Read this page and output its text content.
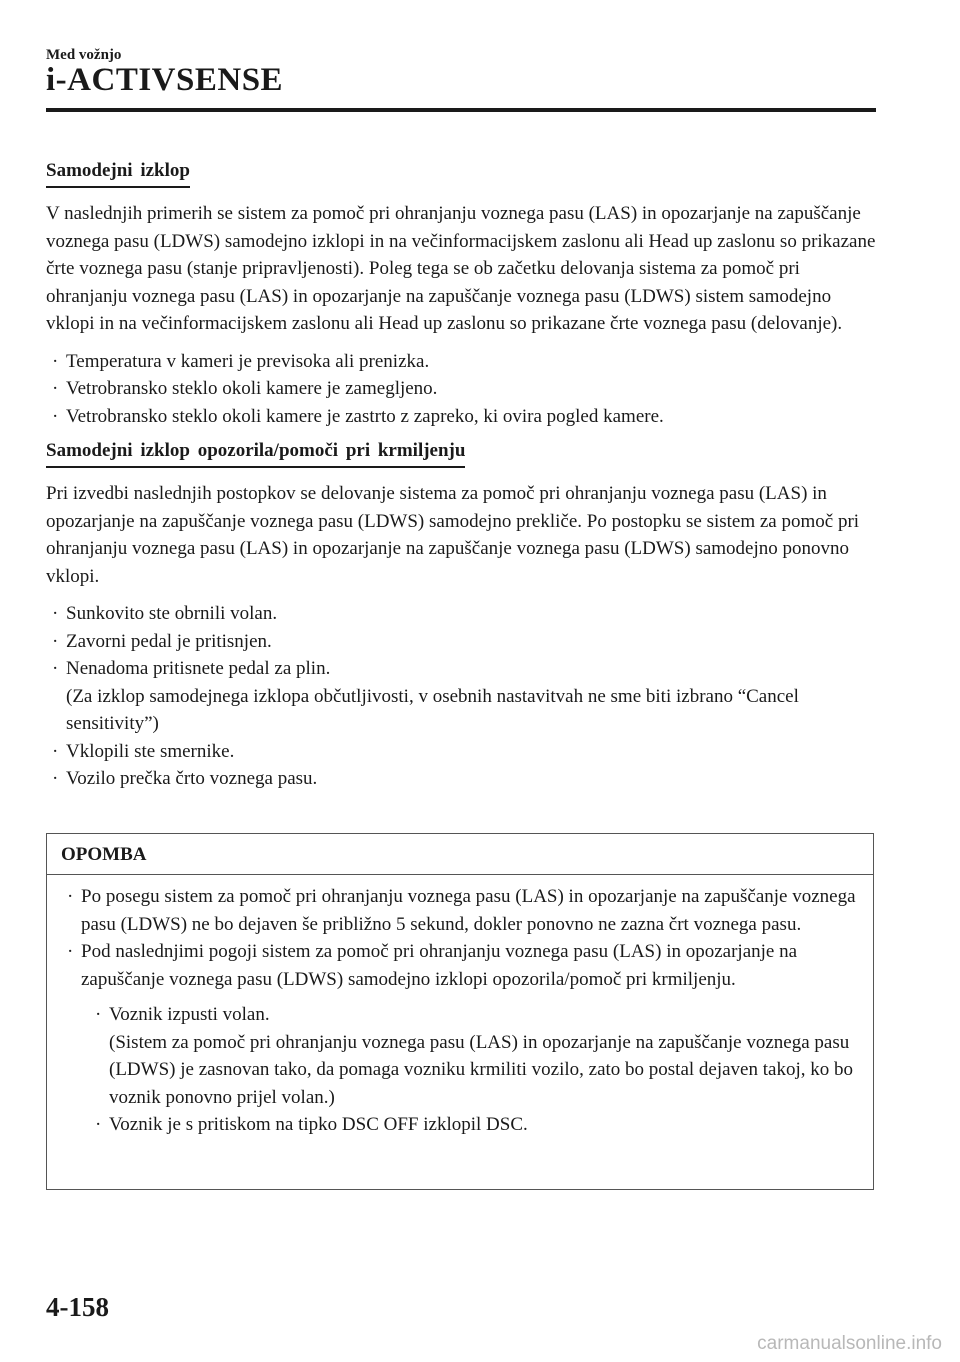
Med vožnjo
i-ACTIVSENSE
Samodejni izklop

V naslednjih primerih se sistem za pomoč pri ohranjanju voznega pasu (LAS) in opozarjanje na zapuščanje voznega pasu (LDWS) samodejno izklopi in na večinformacijskem zaslonu ali Head up zaslonu so prikazane črte voznega pasu (stanje pripravljenosti). Poleg tega se ob začetku delovanja sistema za pomoč pri ohranjanju voznega pasu (LAS) in opozarjanje na zapuščanje voznega pasu (LDWS) sistem samodejno vklopi in na večinformacijskem zaslonu ali Head up zaslonu so prikazane črte voznega pasu (delovanje).

· Temperatura v kameri je previsoka ali prenizka.
· Vetrobransko steklo okoli kamere je zamegljeno.
· Vetrobransko steklo okoli kamere je zastrto z zapreko, ki ovira pogled kamere.
Samodejni izklop opozorila/pomoči pri krmiljenju

Pri izvedbi naslednjih postopkov se delovanje sistema za pomoč pri ohranjanju voznega pasu (LAS) in opozarjanje na zapuščanje voznega pasu (LDWS) samodejno prekliče. Po postopku se sistem za pomoč pri ohranjanju voznega pasu (LAS) in opozarjanje na zapuščanje voznega pasu (LDWS) samodejno ponovno vklopi.

· Sunkovito ste obrnili volan.
· Zavorni pedal je pritisnjen.
· Nenadoma pritisnete pedal za plin.
(Za izklop samodejnega izklopa občutljivosti, v osebnih nastavitvah ne sme biti izbrano “Cancel sensitivity”)
· Vklopili ste smernike.
· Vozilo prečka črto voznega pasu.
OPOMBA
· Po posegu sistem za pomoč pri ohranjanju voznega pasu (LAS) in opozarjanje na zapuščanje voznega pasu (LDWS) ne bo dejaven še približno 5 sekund, dokler ponovno ne zazna črt voznega pasu.
· Pod naslednjimi pogoji sistem za pomoč pri ohranjanju voznega pasu (LAS) in opozarjanje na zapuščanje voznega pasu (LDWS) samodejno izklopi opozorila/pomoč pri krmiljenju.
· Voznik izpusti volan.
(Sistem za pomoč pri ohranjanju voznega pasu (LAS) in opozarjanje na zapuščanje voznega pasu (LDWS) je zasnovan tako, da pomaga vozniku krmiliti vozilo, zato bo postal dejaven takoj, ko bo voznik ponovno prijel volan.)
· Voznik je s pritiskom na tipko DSC OFF izklopil DSC.
4-158
carmanualsonline.info
